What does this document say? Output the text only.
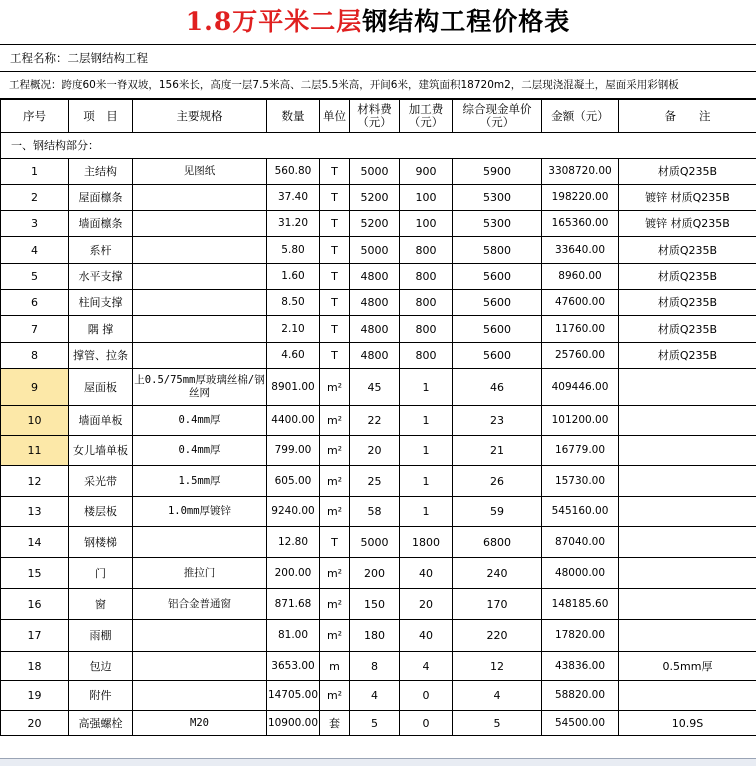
1.8万平米二层钢结构工程价格表
工程名称：二层钢结构工程
工程概况：跨度60米一脊双坡，156米长，高度一层7.5米高、二层5.5米高，开间6米，建筑面积18720m2，二层现浇混凝土，屋面采用彩钢板
序号	项　目	主要规格	数量	单位	材料费（元）	加工费（元）	综合现金单价（元）	金额（元）	备　　注
一、钢结构部分：									
1	主结构	见图纸	560.80	T	5000	900	5900	3308720.00	材质Q235B
2	屋面檩条		37.40	T	5200	100	5300	198220.00	镀锌 材质Q235B
3	墙面檩条		31.20	T	5200	100	5300	165360.00	镀锌 材质Q235B
4	系杆		5.80	T	5000	800	5800	33640.00	材质Q235B
5	水平支撑		1.60	T	4800	800	5600	8960.00	材质Q235B
6	柱间支撑		8.50	T	4800	800	5600	47600.00	材质Q235B
7	隅 撑		2.10	T	4800	800	5600	11760.00	材质Q235B
8	撑管、拉条		4.60	T	4800	800	5600	25760.00	材质Q235B
9	屋面板	上0.5/75mm厚玻璃丝棉/钢丝网	8901.00	m²	45	1	46	409446.00	
10	墙面单板	0.4mm厚	4400.00	m²	22	1	23	101200.00	
11	女儿墙单板	0.4mm厚	799.00	m²	20	1	21	16779.00	
12	采光带	1.5mm厚	605.00	m²	25	1	26	15730.00	
13	楼层板	1.0mm厚镀锌	9240.00	m²	58	1	59	545160.00	
14	钢楼梯		12.80	T	5000	1800	6800	87040.00	
15	门	推拉门	200.00	m²	200	40	240	48000.00	
16	窗	铝合金普通窗	871.68	m²	150	20	170	148185.60	
17	雨棚		81.00	m²	180	40	220	17820.00	
18	包边		3653.00	m	8	4	12	43836.00	0.5mm厚
19	附件		14705.00	m²	4	0	4	58820.00	
20	高强螺栓	M20	10900.00	套	5	0	5	54500.00	10.9S
